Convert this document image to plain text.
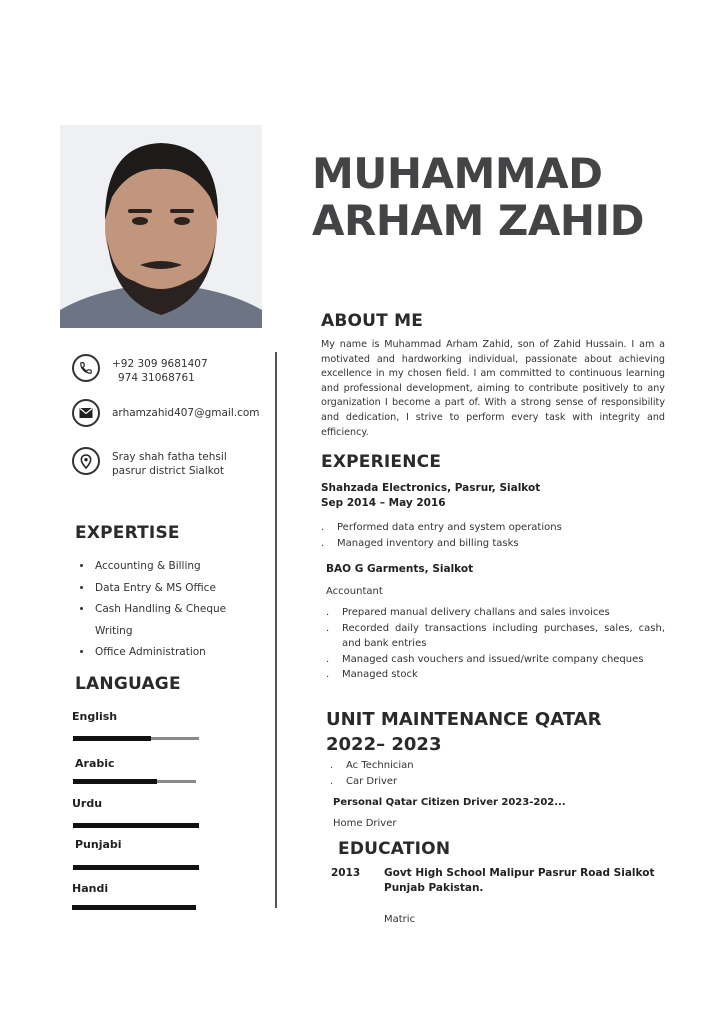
MUHAMMAD
ARHAM ZAHID
+92 309 9681407
974 31068761
arhamzahid407@gmail.com
Sray shah fatha tehsil
pasrur district Sialkot
EXPERTISE
• Accounting & Billing
• Data Entry & MS Office
• Cash Handling & Cheque Writing
• Office Administration
LANGUAGE
English
Arabic
Urdu
Punjabi
Handi
ABOUT ME
My name is Muhammad Arham Zahid, son of Zahid Hussain. I am a motivated and hardworking individual, passionate about achieving excellence in my chosen field. I am committed to continuous learning and professional development, aiming to contribute positively to any organization I become a part of. With a strong sense of responsibility and dedication, I strive to perform every task with integrity and efficiency.
EXPERIENCE
Shahzada Electronics, Pasrur, Sialkot
Sep 2014 – May 2016
.	Performed data entry and system operations
.	Managed inventory and billing tasks
BAO G Garments, Sialkot
Accountant
.	Prepared manual delivery challans and sales invoices
.	Recorded daily transactions including purchases, sales, cash, and bank entries
.	Managed cash vouchers and issued/write company cheques
.	Managed stock
UNIT MAINTENANCE QATAR
2022– 2023
.	Ac Technician
.	Car Driver
Personal Qatar Citizen Driver 2023-202...
Home Driver
EDUCATION
2013 Govt High School Malipur Pasrur Road Sialkot Punjab Pakistan.
Matric
